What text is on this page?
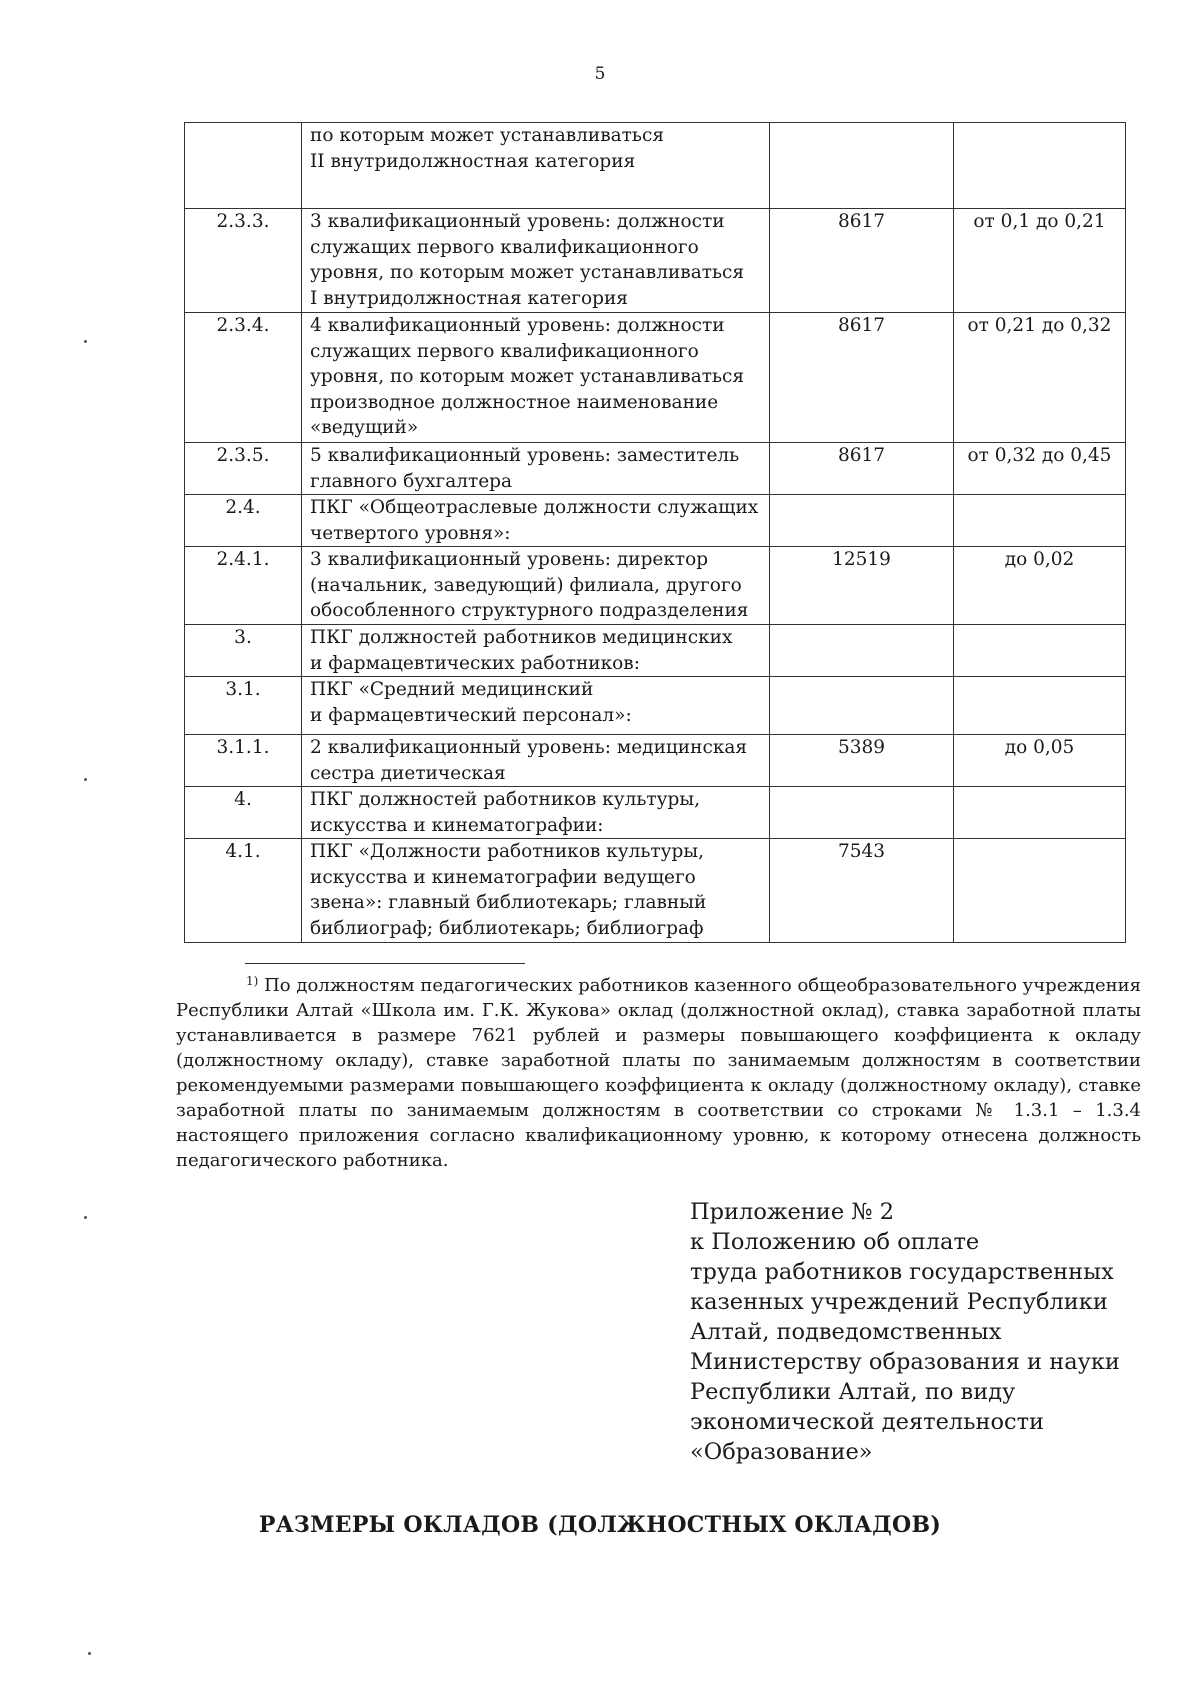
5
	по которым может устанавливаться
II внутридолжностная категория		
2.3.3.	3 квалификационный уровень: должности служащих первого квалификационного уровня, по которым может устанавливаться
I внутридолжностная категория	8617	от 0,1 до 0,21
2.3.4.	4 квалификационный уровень: должности служащих первого квалификационного уровня, по которым может устанавливаться производное должностное наименование «ведущий»	8617	от 0,21 до 0,32
2.3.5.	5 квалификационный уровень: заместитель главного бухгалтера	8617	от 0,32 до 0,45
2.4.	ПКГ «Общеотраслевые должности служащих четвертого уровня»:		
2.4.1.	3 квалификационный уровень: директор (начальник, заведующий) филиала, другого обособленного структурного подразделения	12519	до 0,02
3.	ПКГ должностей работников медицинских
и фармацевтических работников:		
3.1.	ПКГ «Средний медицинский
и фармацевтический персонал»:		
3.1.1.	2 квалификационный уровень: медицинская сестра диетическая	5389	до 0,05
4.	ПКГ должностей работников культуры, искусства и кинематографии:		
4.1.	ПКГ «Должности работников культуры, искусства и кинематографии ведущего звена»: главный библиотекарь; главный библиограф; библиотекарь; библиограф	7543	
$^{1)}$ По должностям педагогических работников казенного общеобразовательного учреждения Республики Алтай «Школа им. Г.К. Жукова» оклад (должностной оклад), ставка заработной платы устанавливается в размере 7621 рублей и размеры повышающего коэффициента к окладу (должностному окладу), ставке заработной платы по занимаемым должностям в соответствии рекомендуемыми размерами повышающего коэффициента к окладу (должностному окладу), ставке заработной платы по занимаемым должностям в соответствии со строками № 1.3.1 – 1.3.4 настоящего приложения согласно квалификационному уровню, к которому отнесена должность педагогического работника.
Приложение № 2
к Положению об оплате
труда работников государственных
казенных учреждений Республики
Алтай, подведомственных
Министерству образования и науки
Республики Алтай, по виду
экономической деятельности
«Образование»
РАЗМЕРЫ ОКЛАДОВ (ДОЛЖНОСТНЫХ ОКЛАДОВ)
